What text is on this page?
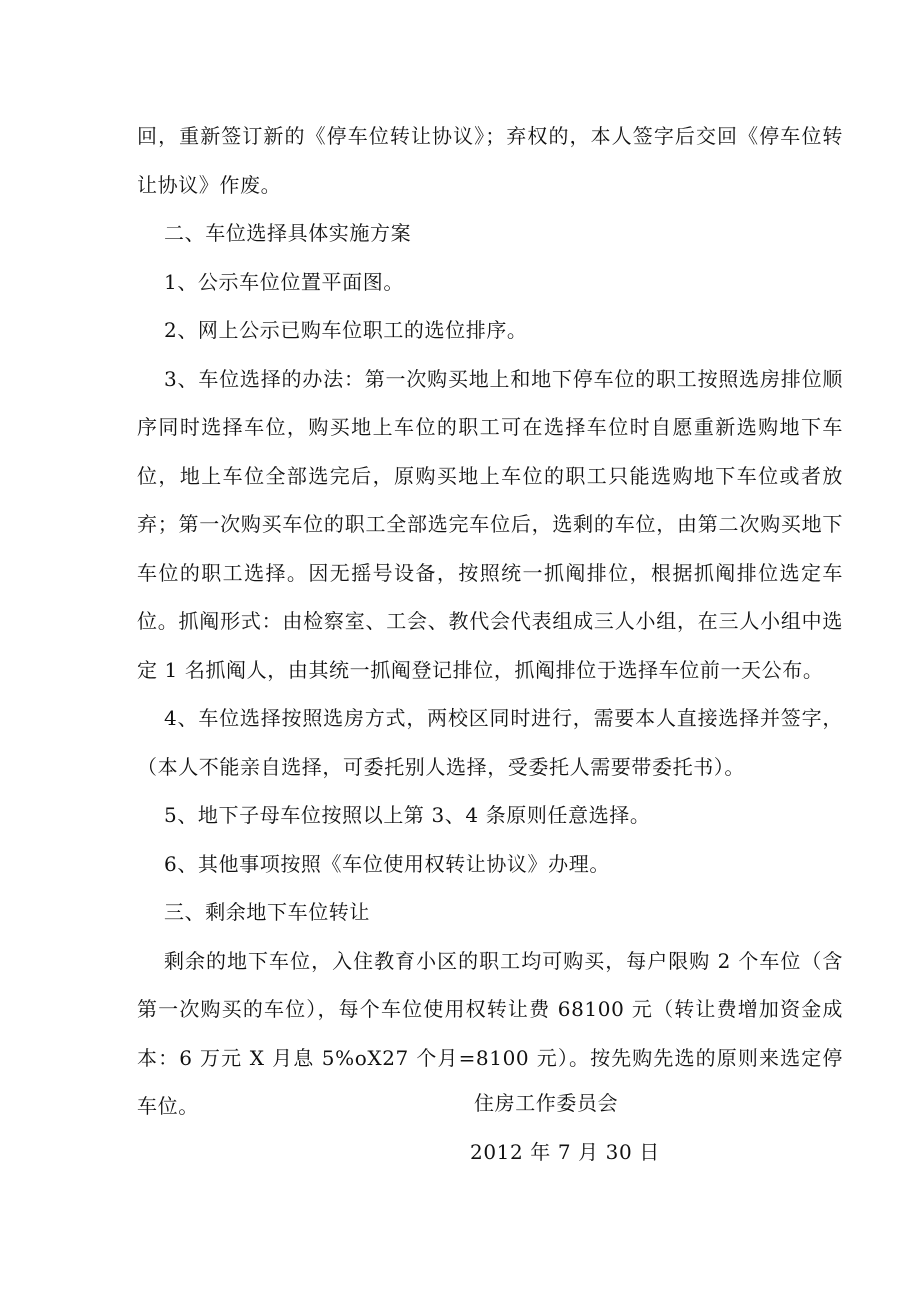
回，重新签订新的《停车位转让协议》；弃权的，本人签字后交回《停车位转让协议》作废。

二、车位选择具体实施方案

1、公示车位位置平面图。

2、网上公示已购车位职工的选位排序。

3、车位选择的办法：第一次购买地上和地下停车位的职工按照选房排位顺序同时选择车位，购买地上车位的职工可在选择车位时自愿重新选购地下车位，地上车位全部选完后，原购买地上车位的职工只能选购地下车位或者放弃；第一次购买车位的职工全部选完车位后，选剩的车位，由第二次购买地下车位的职工选择。因无摇号设备，按照统一抓阄排位，根据抓阄排位选定车位。抓阄形式：由检察室、工会、教代会代表组成三人小组，在三人小组中选定 1 名抓阄人，由其统一抓阄登记排位，抓阄排位于选择车位前一天公布。

4、车位选择按照选房方式，两校区同时进行，需要本人直接选择并签字，（本人不能亲自选择，可委托别人选择，受委托人需要带委托书）。

5、地下子母车位按照以上第 3、4 条原则任意选择。

6、其他事项按照《车位使用权转让协议》办理。

三、剩余地下车位转让

剩余的地下车位，入住教育小区的职工均可购买，每户限购 2 个车位（含第一次购买的车位），每个车位使用权转让费 68100 元（转让费增加资金成本：6 万元 X 月息 5%oX27 个月=8100 元）。按先购先选的原则来选定停车位。	住房工作委员会
2012 年 7 月 30 日
